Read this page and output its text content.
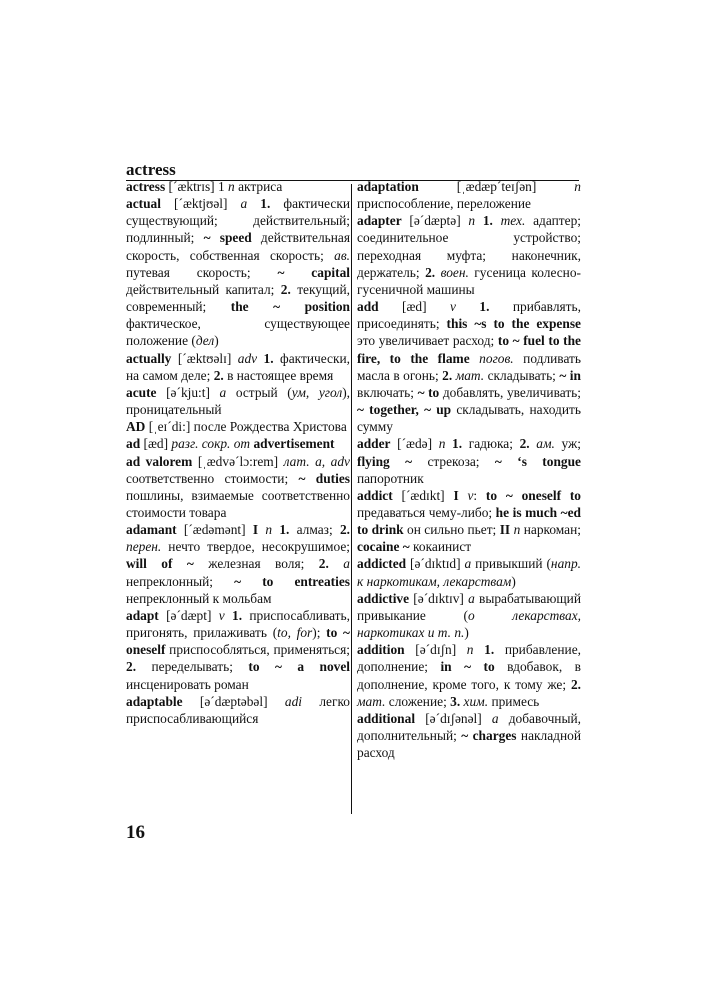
actress

actress [´æktrɪs] 1 n актриса

actual [´æktjʊəl] a 1. фактически существующий; действительный; подлинный; ~ speed действительная скорость, собственная скорость; ав. путевая скорость; ~ capital действительный капитал; 2. текущий, современный; the ~ position фактическое, существующее положение (дел)

actually [´æktʊəlɪ] adv 1. фактически, на самом деле; 2. в настоящее время

acute [ə´kju:t] a острый (ум, угол), проницательный

AD [ˌeɪ´di:] после Рождества Христова

ad [æd] разг. сокр. от advertisement

ad valorem [ˌædvə´lɔ:rem] лат. a, adv соответственно стоимости; ~ duties пошлины, взимаемые соответственно стоимости товара

adamant [´ædəmənt] I n 1. алмаз; 2. перен. нечто твердое, несокрушимое; will of ~ железная воля; 2. a непреклонный; ~ to entreaties непреклонный к мольбам

adapt [ə´dæpt] v 1. приспосабливать, пригонять, прилаживать (to, for); to ~ oneself приспособляться, применяться; 2. переделывать; to ~ a novel инсценировать роман

adaptable [ə´dæptəbəl] adi легко приспосабливающийся

adaptation [ˌædæp´teɪʃən] n приспособление, переложение

adapter [ə´dæptə] n 1. тех. адаптер; соединительное устройство; переходная муфта; наконечник, держатель; 2. воен. гусеница колесно-гусеничной машины

add [æd] v 1. прибавлять, присоединять; this ~s to the expense это увеличивает расход; to ~ fuel to the fire, to the flame погов. подливать масла в огонь; 2. мат. складывать; ~ in включать; ~ to добавлять, увеличивать; ~ together, ~ up складывать, находить сумму

adder [´ædə] n 1. гадюка; 2. ам. уж; flying ~ стрекоза; ~ ‘s tongue папоротник

addict [´ædɪkt] I v: to ~ oneself to предаваться чему-либо; he is much ~ed to drink он сильно пьет; II n наркоман; cocaine ~ кокаинист

addicted [ə´dɪktɪd] a привыкший (напр. к наркотикам, лекарствам)

addictive [ə´dɪktɪv] a вырабатывающий привыкание (о лекарствах, наркотиках и т. п.)

addition [ə´dɪʃn] n 1. прибавление, дополнение; in ~ to вдобавок, в дополнение, кроме того, к тому же; 2. мат. сложение; 3. хим. примесь

additional [ə´dɪʃənəl] a добавочный, дополнительный; ~ charges накладной расход

16
